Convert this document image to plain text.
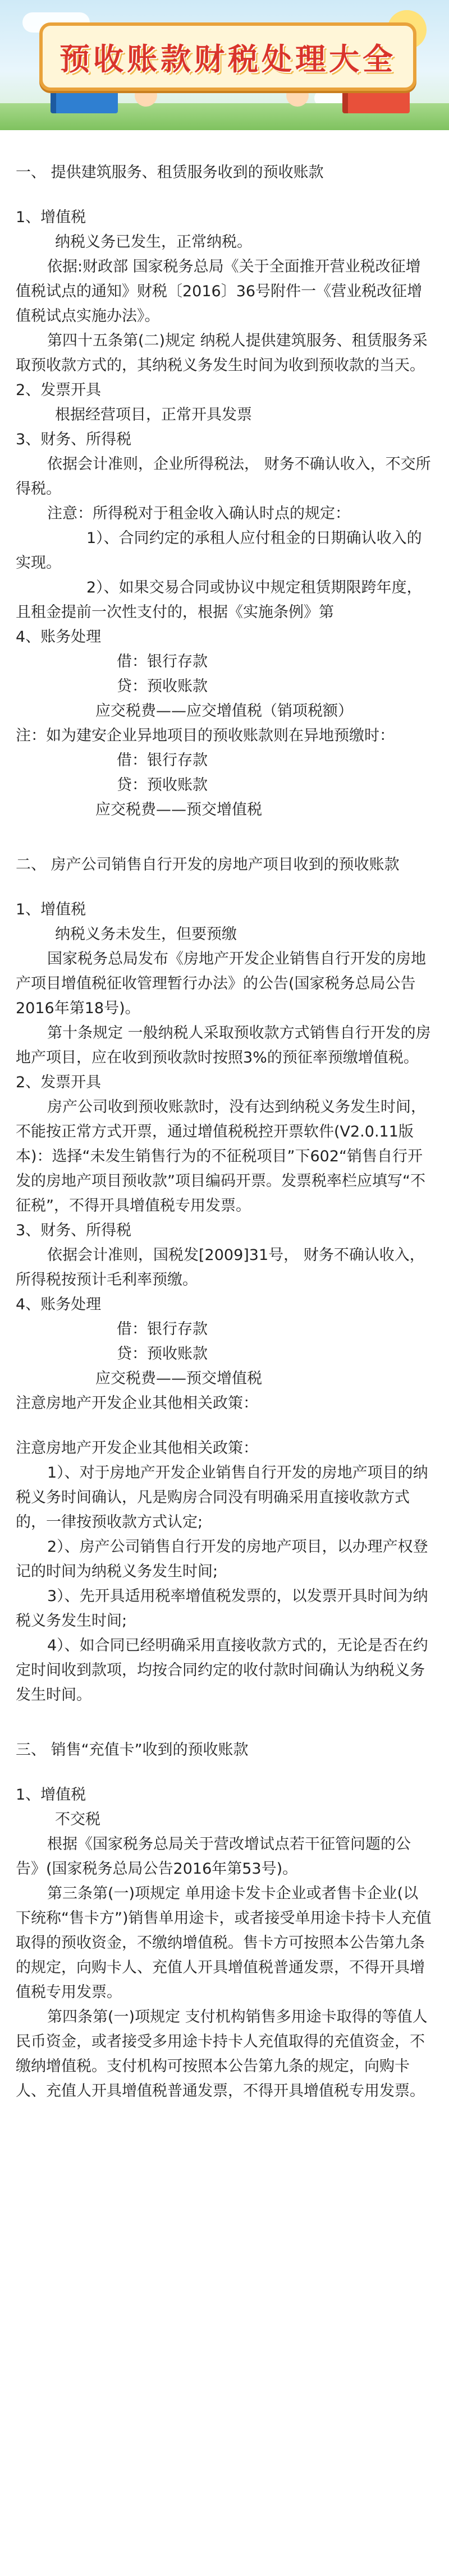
预收账款财税处理大全
一、 提供建筑服务、租赁服务收到的预收账款
1、增值税
纳税义务已发生，正常纳税。
依据:财政部 国家税务总局《关于全面推开营业税改征增值税试点的通知》财税〔2016〕36号附件一《营业税改征增值税试点实施办法》。
第四十五条第(二)规定 纳税人提供建筑服务、租赁服务采取预收款方式的，其纳税义务发生时间为收到预收款的当天。
2、发票开具
根据经营项目，正常开具发票
3、财务、所得税
依据会计准则，企业所得税法， 财务不确认收入，不交所得税。
注意：所得税对于租金收入确认时点的规定：
1）、合同约定的承租人应付租金的日期确认收入的实现。
2）、如果交易合同或协议中规定租赁期限跨年度，且租金提前一次性支付的，根据《实施条例》第
4、账务处理
借：银行存款
贷：预收账款
应交税费——应交增值税（销项税额）
注：如为建安企业异地项目的预收账款则在异地预缴时：
借：银行存款
贷：预收账款
应交税费——预交增值税
二、 房产公司销售自行开发的房地产项目收到的预收账款
1、增值税
纳税义务未发生，但要预缴
国家税务总局发布《房地产开发企业销售自行开发的房地产项目增值税征收管理暂行办法》的公告(国家税务总局公告2016年第18号)。
第十条规定 一般纳税人采取预收款方式销售自行开发的房地产项目，应在收到预收款时按照3%的预征率预缴增值税。
2、发票开具
房产公司收到预收账款时，没有达到纳税义务发生时间，不能按正常方式开票，通过增值税税控开票软件(V2.0.11版本)：选择“未发生销售行为的不征税项目”下602“销售自行开发的房地产项目预收款”项目编码开票。发票税率栏应填写“不征税”，不得开具增值税专用发票。
3、财务、所得税
依据会计准则，国税发[2009]31号， 财务不确认收入，所得税按预计毛利率预缴。
4、账务处理
借：银行存款
贷：预收账款
应交税费——预交增值税
注意房地产开发企业其他相关政策：
注意房地产开发企业其他相关政策：
1）、对于房地产开发企业销售自行开发的房地产项目的纳税义务时间确认，凡是购房合同没有明确采用直接收款方式的，一律按预收款方式认定;
2）、房产公司销售自行开发的房地产项目，以办理产权登记的时间为纳税义务发生时间;
3）、先开具适用税率增值税发票的，以发票开具时间为纳税义务发生时间;
4）、如合同已经明确采用直接收款方式的，无论是否在约定时间收到款项，均按合同约定的收付款时间确认为纳税义务发生时间。
三、 销售“充值卡”收到的预收账款
1、增值税
不交税
根据《国家税务总局关于营改增试点若干征管问题的公告》(国家税务总局公告2016年第53号)。
第三条第(一)项规定 单用途卡发卡企业或者售卡企业(以下统称“售卡方”)销售单用途卡，或者接受单用途卡持卡人充值取得的预收资金，不缴纳增值税。售卡方可按照本公告第九条的规定，向购卡人、充值人开具增值税普通发票，不得开具增值税专用发票。
第四条第(一)项规定 支付机构销售多用途卡取得的等值人民币资金，或者接受多用途卡持卡人充值取得的充值资金，不缴纳增值税。支付机构可按照本公告第九条的规定，向购卡人、充值人开具增值税普通发票，不得开具增值税专用发票。
